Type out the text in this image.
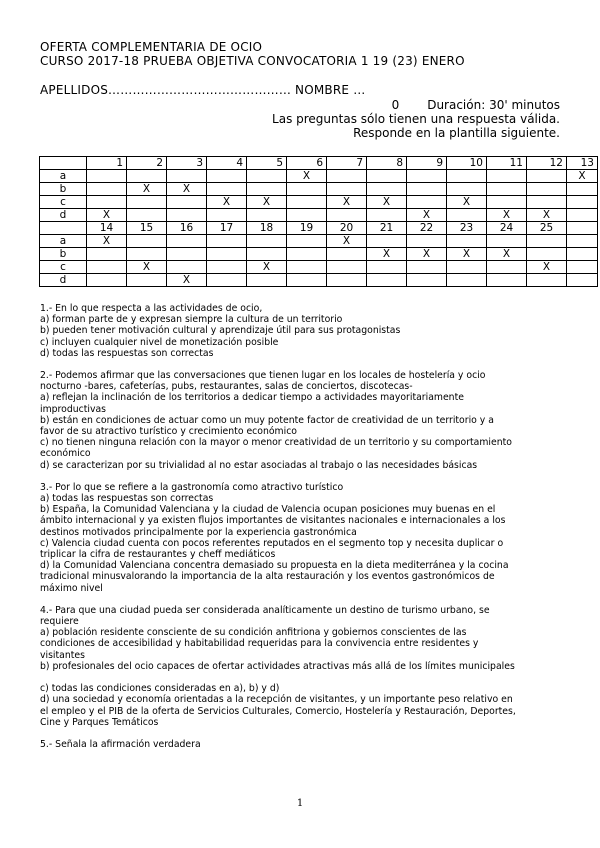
OFERTA COMPLEMENTARIA DE OCIO
CURSO 2017-18 PRUEBA OBJETIVA CONVOCATORIA 1 19 (23) ENERO
APELLIDOS……………………………………… NOMBRE …
0 Duración: 30' minutos
Las preguntas sólo tienen una respuesta válida.
Responde en la plantilla siguiente.
	1	2	3	4	5	6	7	8	9	10	11	12	13
a						X							X
b		X	X										
c				X	X		X	X		X			
d	X								X		X	X	
	14	15	16	17	18	19	20	21	22	23	24	25	
a	X						X						
b								X	X	X	X		
c		X			X							X	
d			X										

1.- En lo que respecta a las actividades de ocio,

a) forman parte de y expresan siempre la cultura de un territorio

b) pueden tener motivación cultural y aprendizaje útil para sus protagonistas

c) incluyen cualquier nivel de monetización posible

d) todas las respuestas son correctas

2.- Podemos afirmar que las conversaciones que tienen lugar en los locales de hostelería y ocio

nocturno -bares, cafeterías, pubs, restaurantes, salas de conciertos, discotecas-

a) reflejan la inclinación de los territorios a dedicar tiempo a actividades mayoritariamente

improductivas

b) están en condiciones de actuar como un muy potente factor de creatividad de un territorio y a

favor de su atractivo turístico y crecimiento económico

c) no tienen ninguna relación con la mayor o menor creatividad de un territorio y su comportamiento

económico

d) se caracterizan por su trivialidad al no estar asociadas al trabajo o las necesidades básicas

3.- Por lo que se refiere a la gastronomía como atractivo turístico

a) todas las respuestas son correctas

b) España, la Comunidad Valenciana y la ciudad de Valencia ocupan posiciones muy buenas en el

ámbito internacional y ya existen flujos importantes de visitantes nacionales e internacionales a los

destinos motivados principalmente por la experiencia gastronómica

c) Valencia ciudad cuenta con pocos referentes reputados en el segmento top y necesita duplicar o

triplicar la cifra de restaurantes y cheff mediáticos

d) la Comunidad Valenciana concentra demasiado su propuesta en la dieta mediterránea y la cocina

tradicional minusvalorando la importancia de la alta restauración y los eventos gastronómicos de

máximo nivel

4.- Para que una ciudad pueda ser considerada analíticamente un destino de turismo urbano, se

requiere

a) población residente consciente de su condición anfitriona y gobiernos conscientes de las

condiciones de accesibilidad y habitabilidad requeridas para la convivencia entre residentes y

visitantes

b) profesionales del ocio capaces de ofertar actividades atractivas más allá de los límites municipales

c) todas las condiciones consideradas en a), b) y d)

d) una sociedad y economía orientadas a la recepción de visitantes, y un importante peso relativo en

el empleo y el PIB de la oferta de Servicios Culturales, Comercio, Hostelería y Restauración, Deportes,

Cine y Parques Temáticos

5.- Señala la afirmación verdadera

1
